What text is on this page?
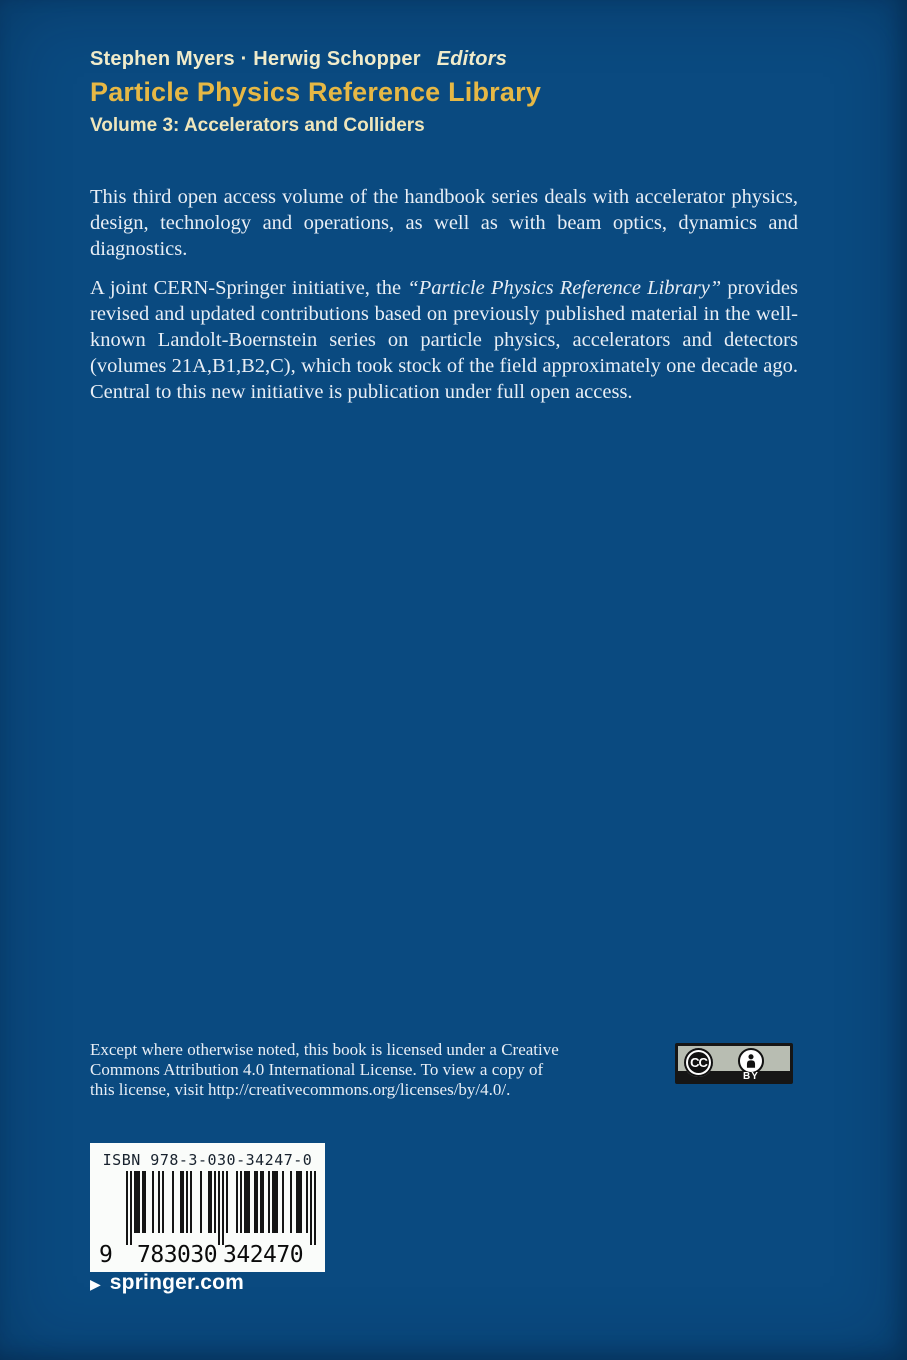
Stephen Myers · Herwig Schopper Editors
Particle Physics Reference Library
Volume 3: Accelerators and Colliders

This third open access volume of the handbook series deals with accelerator physics, design, technology and operations, as well as with beam optics, dynamics and diagnostics.

A joint CERN-Springer initiative, the “Particle Physics Reference Library” provides revised and updated contributions based on previously published material in the well-known Landolt-Boernstein series on particle physics, accelerators and detectors (volumes 21A,B1,B2,C), which took stock of the field approximately one decade ago. Central to this new initiative is publication under full open access.

Except where otherwise noted, this book is licensed under a Creative Commons Attribution 4.0 International License. To view a copy of this license, visit http://creativecommons.org/licenses/by/4.0/.
CC
BY
ISBN 978-3-030-34247-0
9 783030 342470
▶ springer.com
